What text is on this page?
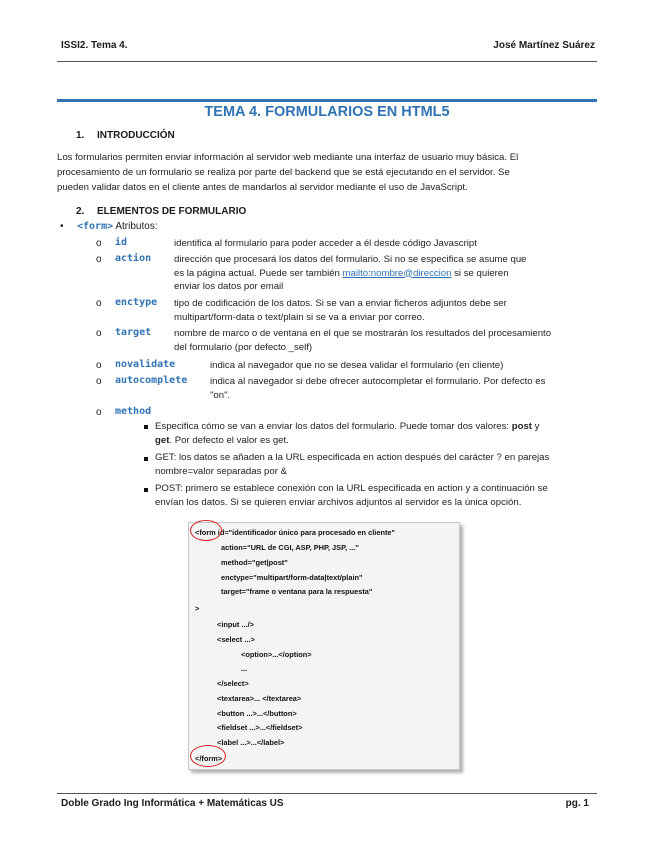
ISSI2. Tema 4.	José Martínez Suárez
TEMA 4. FORMULARIOS EN HTML5
1. INTRODUCCIÓN
Los formularios permiten enviar información al servidor web mediante una interfaz de usuario muy básica. El
procesamiento de un formulario se realiza por parte del backend que se está ejecutando en el servidor. Se
pueden validar datos en el cliente antes de mandarlos al servidor mediante el uso de JavaScript.
2. ELEMENTOS DE FORMULARIO
• <form> Atributos:
o id	identifica al formulario para poder acceder a él desde código Javascript
o action dirección que procesará los datos del formulario. Si no se especifica se asume que
es la página actual. Puede ser también mailto:nombre@direccion si se quieren
enviar los datos por email
o enctype tipo de codificación de los datos. Si se van a enviar ficheros adjuntos debe ser
multipart/form-data o text/plain si se va a enviar por correo.
o target nombre de marco o de ventana en el que se mostrarán los resultados del procesamiento
del formulario (por defecto _self)
o novalidate	indica al navegador que no se desea validar el formulario (en cliente)
o autocomplete indica al navegador si debe ofrecer autocompletar el formulario. Por defecto es
"on".
o method
Especifica cómo se van a enviar los datos del formulario. Puede tomar dos valores: post y
get. Por defecto el valor es get.
GET: los datos se añaden a la URL especificada en action después del carácter ? en parejas
nombre=valor separadas por &
POST: primero se establece conexión con la URL especificada en action y a continuación se
envían los datos. Si se quieren enviar archivos adjuntos al servidor es la única opción.
<form id="identificador único para procesado en cliente"
action="URL de CGI, ASP, PHP, JSP, ..."
method="get|post"
enctype="multipart/form-data|text/plain"
target="frame o ventana para la respuesta"
>
<input .../>
<select ...>
<option>...</option>
...
</select>
<textarea>... </textarea>
<button ...>...</button>
<fieldset ...>...</fieldset>
<label ...>...</label>
</form>
Doble Grado Ing Informática + Matemáticas US	pg. 1
